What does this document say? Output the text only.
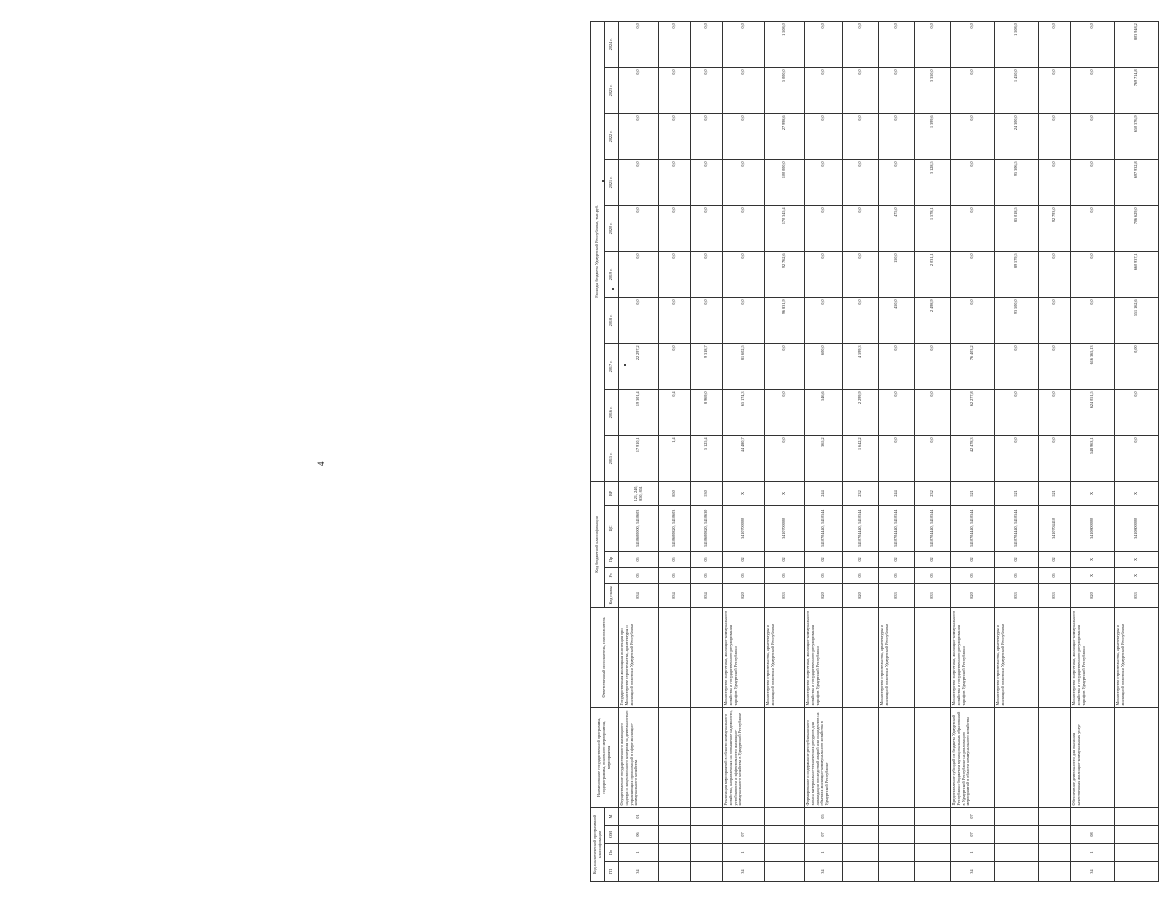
4
Код аналитической программной классификации				Наименование государственной программы, подпрограммы, основного мероприятия, мероприятия	Ответственный исполнитель, соисполнитель	Код бюджетной классификации					Расходы бюджета Удмуртской Республики, тыс.руб.									
ГП	Пп	ОМ	М			Код главы	Рз	Пр	ЦС	ВР	2015 г.	2016 г.	2017 г.	2018 г.	2019 г.	2020 г.	2021 г.	2022 г.	2023 г.	2024 г.
34	1	06	01	Осуществление государственного жилищного надзора и лицензионного контроля за деятельностью управляющих организаций в сфере жилищно-коммунального хозяйства	Государственная жилищная инспекция при Министерстве строительства, архитектуры и жилищной политики Удмуртской Республики	834	05	05	3410600000, 3410603	121, 240, 850, 851	17 910,1	19 301,4	22 297,2	0,0	0,0	0,0	0,0	0,0	0,0	0,0
						834	05	05	3410600820, 3410603	850	1,4	0,4	0,0	0,0	0,0	0,0	0,0	0,0	0,0	0,0
						834	05	05	3410600820, 3410630	530	5 125,4	8 969,0	9 318,7	0,0	0,0	0,0	0,0	0,0	0,0	0,0
34	1	07		Реализация мероприятий в области коммунального хозяйства, направленных на повышение надежности, устойчивости и эффективности жилищно-коммунального хозяйства в Удмуртской Республике	Министерство энергетики, жилищно-коммунального хозяйства и государственного регулирования тарифов Удмуртской Республики	820	05	02	3410700000	X	44 480,7	65 174,3	81 602,5	0,0	0,0	0,0	0,0	0,0	0,0	0,0
					Министерство строительства, архитектуры и жилищной политики Удмуртской Республики	833	05	02	3410700000	X	0,0	0,0	0,0	96 831,9	92 762,6	170 345,4	100 000,0	27 998,6	5 000,0	1 508,0
34	1	07	05	Формирование и содержание республиканского запаса материально-технических ресурсов для ликвидации последствий аварий или инцидентов на объектах жилищно-коммунального хозяйства в Удмуртской Республике	Министерство энергетики, жилищно-коммунального хозяйства и государственного регулирования тарифов Удмуртской Республики	820	05	02	3410704440, 3410544	244	365,2	546,6	600,0	0,0	0,0	0,0	0,0	0,0	0,0	0,0
						820	05	02	3410704440, 3410544	232	1 642,2	2 299,9	4 599,3	0,0	0,0	0,0	0,0	0,0	0,0	0,0
					Министерство строительства, архитектуры и жилищной политики Удмуртской Республики	833	05	02	3410704440, 3410544	244	0,0	0,0	0,0	450,0	150,0	475,0	0,0	0,0	0,0	0,0
						833	05	02	3410704440, 3410544	232	0,0	0,0	0,0	2 498,9	2 031,1	1 578,1	3 128,5	1 399,6	3 350,0	0,0
34	1	07	07	Предоставление субсидий из бюджета Удмуртской Республики бюджетам муниципальных образований в Удмуртской Республике на реализацию мероприятий в области коммунального хозяйства	Министерство энергетики, жилищно-коммунального хозяйства и государственного регулирования тарифов Удмуртской Республики	820	05	02	3410704440, 3410544	521	42 478,3	62 277,8	76 403,2	0,0	0,0	0,0	0,0	0,0	0,0	0,0
					Министерство строительства, архитектуры и жилищной политики Удмуртской Республики	833	05	02	3410704440, 3410544	521	0,0	0,0	0,0	93 500,0	89 579,5	85 018,5	95 306,5	24 300,0	1 450,0	1 508,0
						833	05	02	3410704410	521	0,0	0,0	0,0	0,0	0,0	92 793,0	0,0	0,0	0,0	0,0
34	1	08		Обеспечение деятельности для оказания качественных жилищно-коммунальных услуг	Министерство энергетики, жилищно-коммунального хозяйства и государственного регулирования тарифов Удмуртской Республики	820	X	X	3410800000	X	548 963,1	624 051,5	616 365,13	0,0	0,0	0,0	0,0	0,0	0,0	0,0
					Министерство строительства, архитектуры и жилищной политики Удмуртской Республики	833	X	X	3410800000	X	0,0	0,0	0,00	551 162,6	660 937,1	706 629,0	697 932,8	650 376,9	769 714,8	803 948,2
